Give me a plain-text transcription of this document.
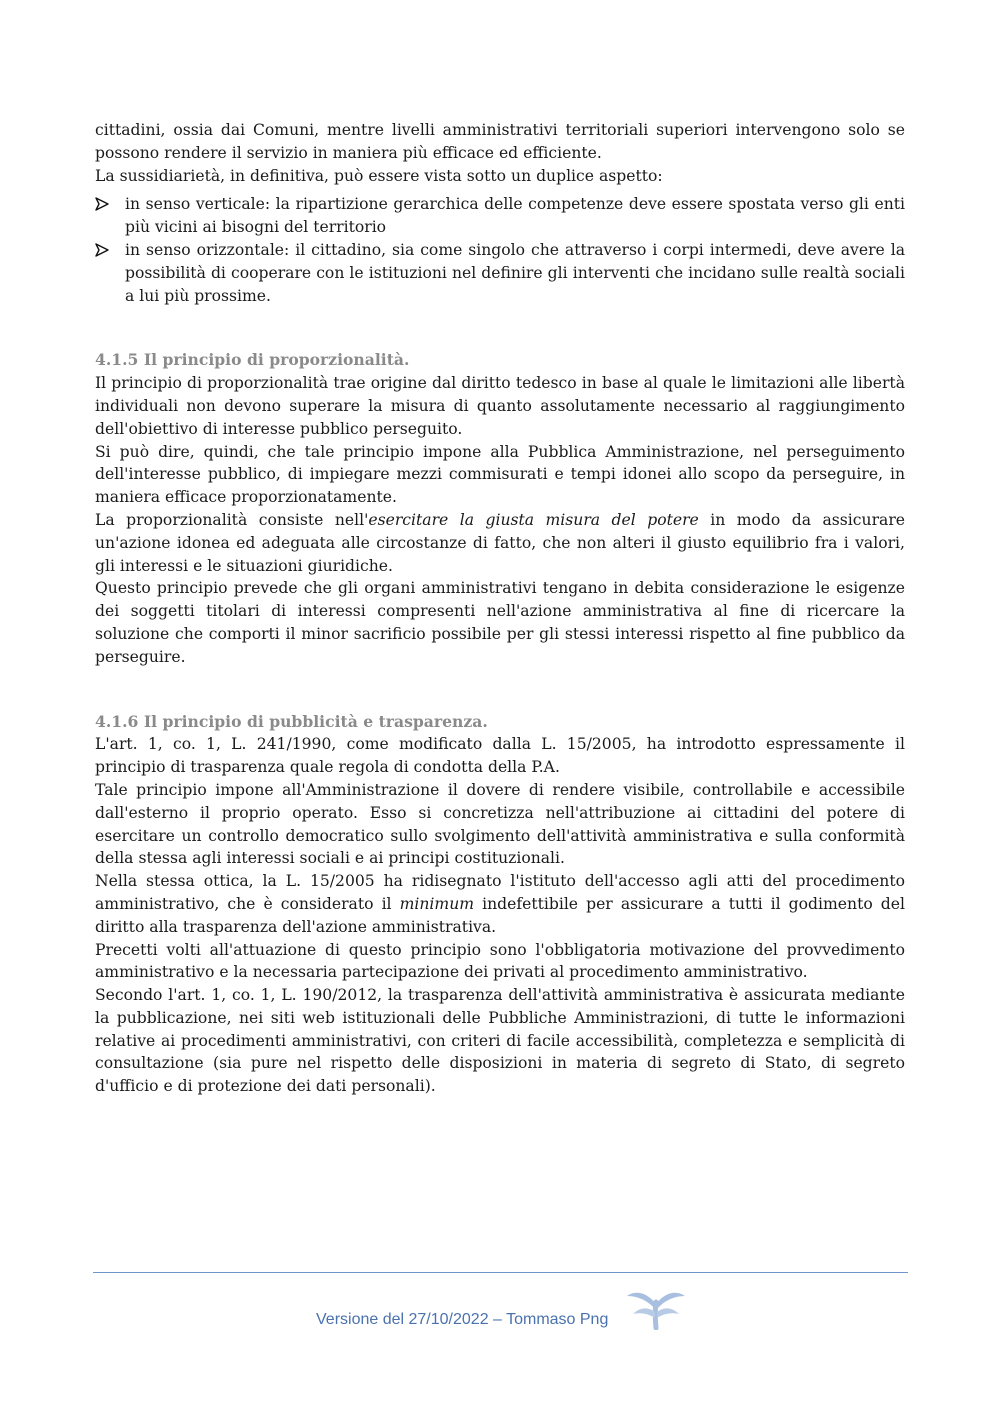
cittadini, ossia dai Comuni, mentre livelli amministrativi territoriali superiori intervengono solo se possono rendere il servizio in maniera più efficace ed efficiente.

La sussidiarietà, in definitiva, può essere vista sotto un duplice aspetto:

in senso verticale: la ripartizione gerarchica delle competenze deve essere spostata verso gli enti più vicini ai bisogni del territorio
in senso orizzontale: il cittadino, sia come singolo che attraverso i corpi intermedi, deve avere la possibilità di cooperare con le istituzioni nel definire gli interventi che incidano sulle realtà sociali a lui più prossime.
4.1.5 Il principio di proporzionalità.

Il principio di proporzionalità trae origine dal diritto tedesco in base al quale le limitazioni alle libertà individuali non devono superare la misura di quanto assolutamente necessario al raggiungimento dell'obiettivo di interesse pubblico perseguito.

Si può dire, quindi, che tale principio impone alla Pubblica Amministrazione, nel perseguimento dell'interesse pubblico, di impiegare mezzi commisurati e tempi idonei allo scopo da perseguire, in maniera efficace proporzionatamente.

La proporzionalità consiste nell'esercitare la giusta misura del potere in modo da assicurare un'azione idonea ed adeguata alle circostanze di fatto, che non alteri il giusto equilibrio fra i valori, gli interessi e le situazioni giuridiche.

Questo principio prevede che gli organi amministrativi tengano in debita considerazione le esigenze dei soggetti titolari di interessi compresenti nell'azione amministrativa al fine di ricercare la soluzione che comporti il minor sacrificio possibile per gli stessi interessi rispetto al fine pubblico da perseguire.

4.1.6 Il principio di pubblicità e trasparenza.

L'art. 1, co. 1, L. 241/1990, come modificato dalla L. 15/2005, ha introdotto espressamente il principio di trasparenza quale regola di condotta della P.A.

Tale principio impone all'Amministrazione il dovere di rendere visibile, controllabile e accessibile dall'esterno il proprio operato. Esso si concretizza nell'attribuzione ai cittadini del potere di esercitare un controllo democratico sullo svolgimento dell'attività amministrativa e sulla conformità della stessa agli interessi sociali e ai principi costituzionali.

Nella stessa ottica, la L. 15/2005 ha ridisegnato l'istituto dell'accesso agli atti del procedimento amministrativo, che è considerato il minimum indefettibile per assicurare a tutti il godimento del diritto alla trasparenza dell'azione amministrativa.

Precetti volti all'attuazione di questo principio sono l'obbligatoria motivazione del provvedimento amministrativo e la necessaria partecipazione dei privati al procedimento amministrativo.

Secondo l'art. 1, co. 1, L. 190/2012, la trasparenza dell'attività amministrativa è assicurata mediante la pubblicazione, nei siti web istituzionali delle Pubbliche Amministrazioni, di tutte le informazioni relative ai procedimenti amministrativi, con criteri di facile accessibilità, completezza e semplicità di consultazione (sia pure nel rispetto delle disposizioni in materia di segreto di Stato, di segreto d'ufficio e di protezione dei dati personali).

Versione del 27/10/2022 – Tommaso Png
